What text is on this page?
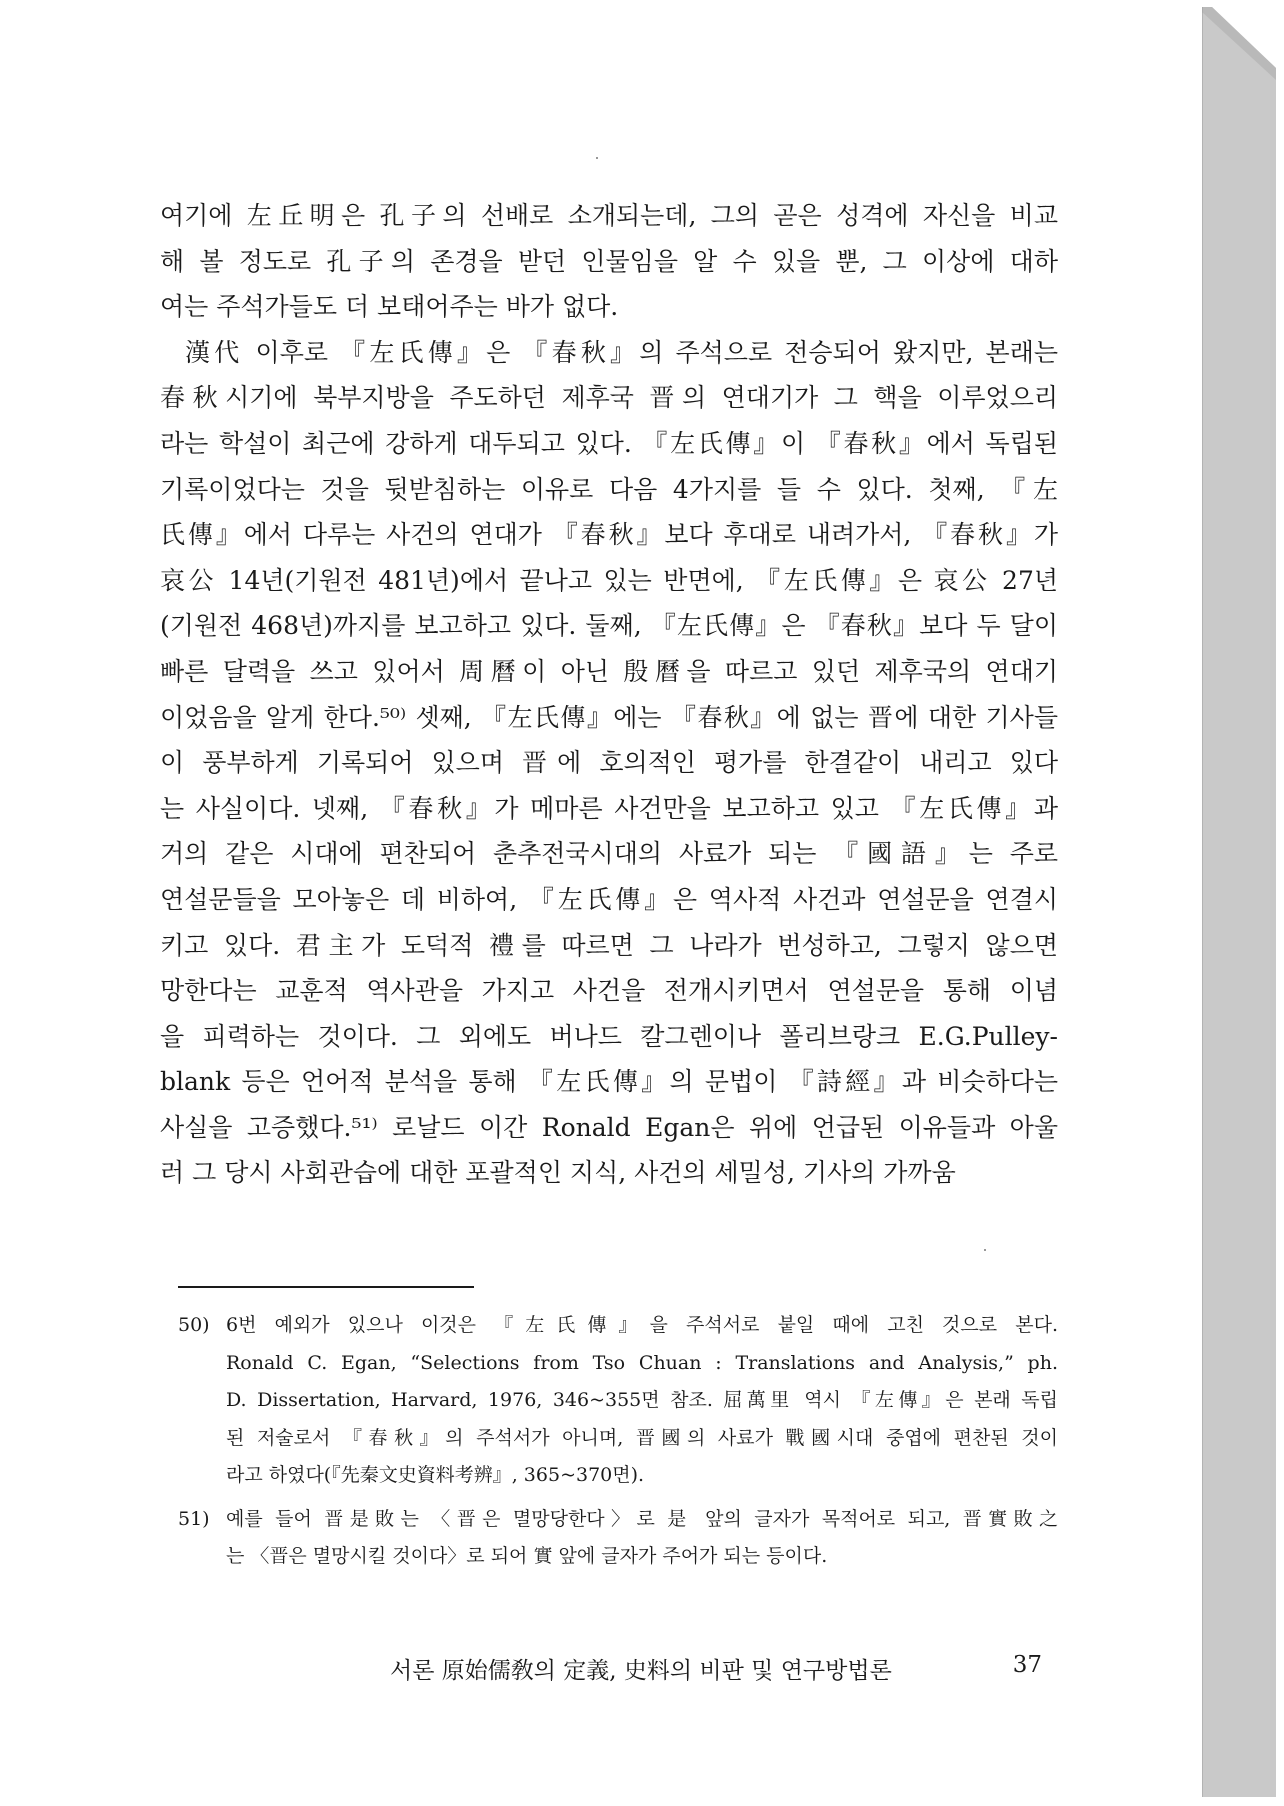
여기에 左丘明은 孔子의 선배로 소개되는데, 그의 곧은 성격에 자신을 비교
해 볼 정도로 孔子의 존경을 받던 인물임을 알 수 있을 뿐, 그 이상에 대하
여는 주석가들도 더 보태어주는 바가 없다.
漢代 이후로 『左氏傳』은 『春秋』의 주석으로 전승되어 왔지만, 본래는
春秋시기에 북부지방을 주도하던 제후국 晋의 연대기가 그 핵을 이루었으리
라는 학설이 최근에 강하게 대두되고 있다. 『左氏傳』이 『春秋』에서 독립된
기록이었다는 것을 뒷받침하는 이유로 다음 4가지를 들 수 있다. 첫째, 『左
氏傳』에서 다루는 사건의 연대가 『春秋』보다 후대로 내려가서, 『春秋』가
哀公 14년(기원전 481년)에서 끝나고 있는 반면에, 『左氏傳』은 哀公 27년
(기원전 468년)까지를 보고하고 있다. 둘째, 『左氏傳』은 『春秋』보다 두 달이
빠른 달력을 쓰고 있어서 周曆이 아닌 殷曆을 따르고 있던 제후국의 연대기
이었음을 알게 한다.⁵⁰⁾ 셋째, 『左氏傳』에는 『春秋』에 없는 晋에 대한 기사들
이 풍부하게 기록되어 있으며 晋에 호의적인 평가를 한결같이 내리고 있다
는 사실이다. 넷째, 『春秋』가 메마른 사건만을 보고하고 있고 『左氏傳』과
거의 같은 시대에 편찬되어 춘추전국시대의 사료가 되는 『國語』는 주로
연설문들을 모아놓은 데 비하여, 『左氏傳』은 역사적 사건과 연설문을 연결시
키고 있다. 君主가 도덕적 禮를 따르면 그 나라가 번성하고, 그렇지 않으면
망한다는 교훈적 역사관을 가지고 사건을 전개시키면서 연설문을 통해 이념
을 피력하는 것이다. 그 외에도 버나드 칼그렌이나 폴리브랑크 E.G.Pulley-
blank 등은 언어적 분석을 통해 『左氏傳』의 문법이 『詩經』과 비슷하다는
사실을 고증했다.⁵¹⁾ 로날드 이간 Ronald Egan은 위에 언급된 이유들과 아울
러 그 당시 사회관습에 대한 포괄적인 지식, 사건의 세밀성, 기사의 가까움
50) 6번 예외가 있으나 이것은 『左氏傳』을 주석서로 붙일 때에 고친 것으로 본다.
Ronald C. Egan, “Selections from Tso Chuan : Translations and Analysis,” ph.
D. Dissertation, Harvard, 1976, 346~355면 참조. 屈萬里 역시 『左傳』은 본래 독립
된 저술로서 『春秋』의 주석서가 아니며, 晋國의 사료가 戰國시대 중엽에 편찬된 것이
라고 하였다(『先秦文史資料考辨』, 365~370면).
51) 예를 들어 晋是敗는 〈晋은 멸망당한다〉로 是 앞의 글자가 목적어로 되고, 晋實敗之
는 〈晋은 멸망시킬 것이다〉로 되어 實 앞에 글자가 주어가 되는 등이다.
서론 原始儒敎의 定義, 史料의 비판 및 연구방법론	37
